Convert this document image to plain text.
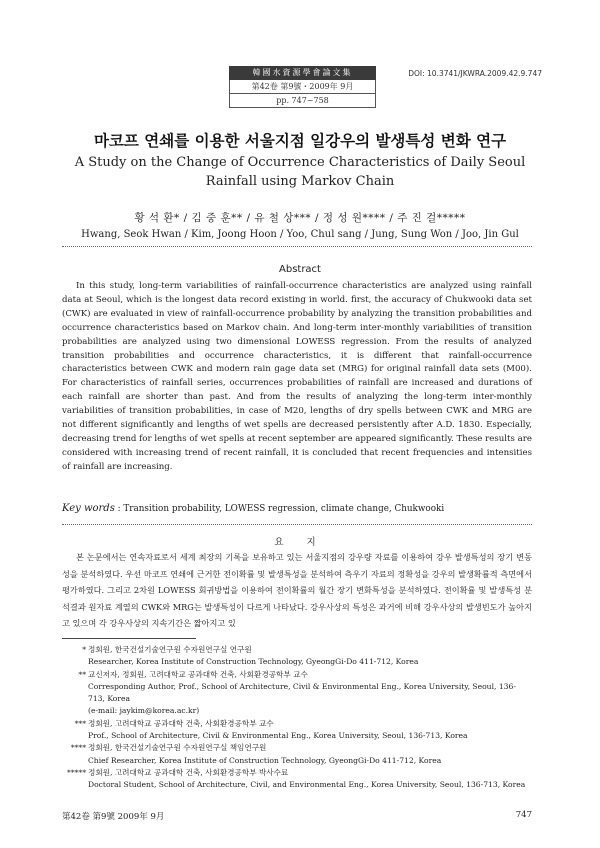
韓國水資源學會論文集
第42卷 第9號・2009年 9月
pp. 747~758
DOI: 10.3741/JKWRA.2009.42.9.747
마코프 연쇄를 이용한 서울지점 일강우의 발생특성 변화 연구
A Study on the Change of Occurrence Characteristics of Daily Seoul Rainfall using Markov Chain
황 석 환* / 김 중 훈** / 유 철 상*** / 정 성 원**** / 주 진 걸*****
Hwang, Seok Hwan / Kim, Joong Hoon / Yoo, Chul sang / Jung, Sung Won / Joo, Jin Gul
Abstract

In this study, long-term variabilities of rainfall-occurrence characteristics are analyzed using rainfall data at Seoul, which is the longest data record existing in world. first, the accuracy of Chukwooki data set (CWK) are evaluated in view of rainfall-occurrence probability by analyzing the transition probabilities and occurrence characteristics based on Markov chain. And long-term inter-monthly variabilities of transition probabilities are analyzed using two dimensional LOWESS regression. From the results of analyzed transition probabilities and occurrence characteristics, it is different that rainfall-occurrence characteristics between CWK and modern rain gage data set (MRG) for original rainfall data sets (M00). For characteristics of rainfall series, occurrences probabilities of rainfall are increased and durations of each rainfall are shorter than past. And from the results of analyzing the long-term inter-monthly variabilities of transition probabilities, in case of M20, lengths of dry spells between CWK and MRG are not different significantly and lengths of wet spells are decreased persistently after A.D. 1830. Especially, decreasing trend for lengths of wet spells at recent september are appeared significantly. These results are considered with increasing trend of recent rainfall, it is concluded that recent frequencies and intensities of rainfall are increasing.

Key words : Transition probability, LOWESS regression, climate change, Chukwooki
요 지

본 논문에서는 연속자료로서 세계 최장의 기록을 보유하고 있는 서울지점의 강우량 자료를 이용하여 강우 발생특성의 장기 변동성을 분석하였다. 우선 마코프 연쇄에 근거한 전이확률 및 발생특성을 분석하여 측우기 자료의 정확성을 강우의 발생확률적 측면에서 평가하였다. 그리고 2차원 LOWESS 회귀방법을 이용하여 전이확률의 월간 장기 변화특성을 분석하였다. 전이확률 및 발생특성 분석결과 원자료 계열의 CWK와 MRG는 발생특성이 다르게 나타났다. 강우사상의 특성은 과거에 비해 강우사상의 발생빈도가 높아지고 있으며 각 강우사상의 지속기간은 짧아지고 있

* 정회원, 한국건설기술연구원 수자원연구실 연구원
Researcher, Korea Institute of Construction Technology, GyeongGi-Do 411-712, Korea
** 교신저자, 정회원, 고려대학교 공과대학 건축, 사회환경공학부 교수
Corresponding Author, Prof., School of Architecture, Civil & Environmental Eng., Korea University, Seoul, 136-713, Korea
(e-mail: jaykim@korea.ac.kr)
*** 정회원, 고려대학교 공과대학 건축, 사회환경공학부 교수
Prof., School of Architecture, Civil & Environmental Eng., Korea University, Seoul, 136-713, Korea
**** 정회원, 한국건설기술연구원 수자원연구실 책임연구원
Chief Researcher, Korea Institute of Construction Technology, GyeongGi-Do 411-712, Korea
***** 정회원, 고려대학교 공과대학 건축, 사회환경공학부 박사수료
Doctoral Student, School of Architecture, Civil, and Environmental Eng., Korea University, Seoul, 136-713, Korea
第42卷 第9號 2009年 9月	747
